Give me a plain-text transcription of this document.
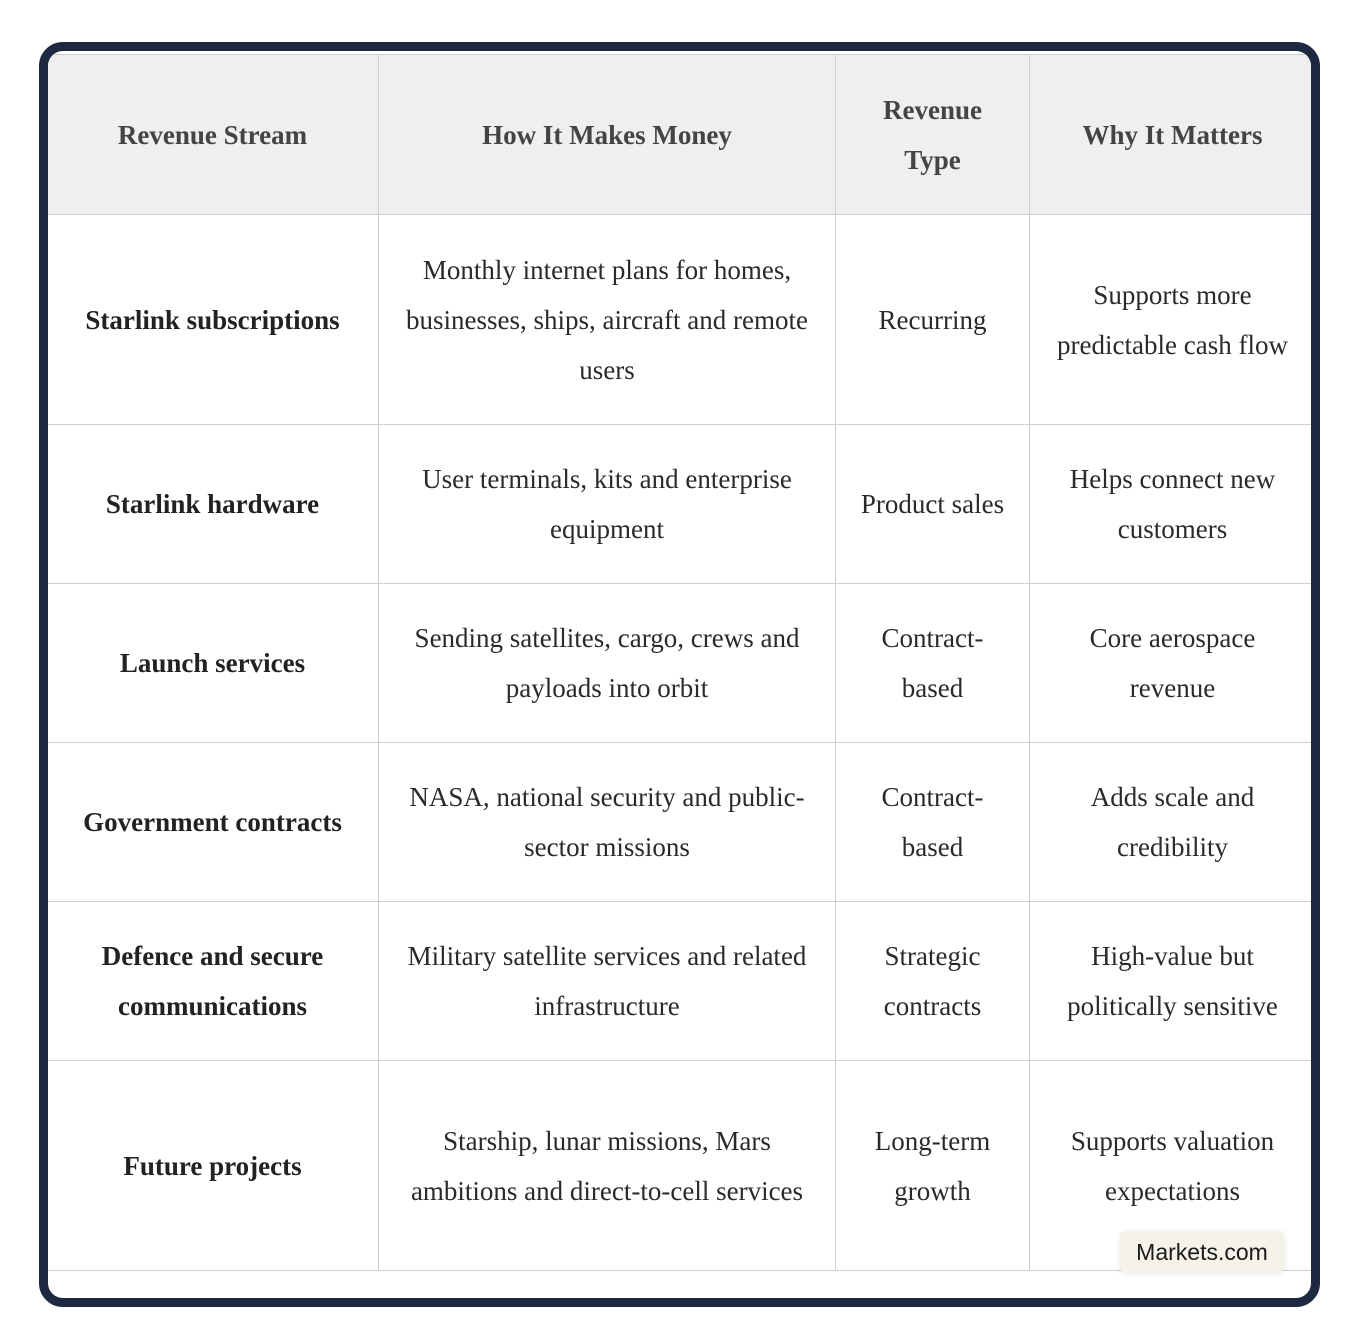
Revenue Stream	How It Makes Money	Revenue Type	Why It Matters
Starlink subscriptions	Monthly internet plans for homes, businesses, ships, aircraft and remote users	Recurring	Supports more predictable cash flow
Starlink hardware	User terminals, kits and enterprise equipment	Product sales	Helps connect new customers
Launch services	Sending satellites, cargo, crews and payloads into orbit	Contract-based	Core aerospace revenue
Government contracts	NASA, national security and public-sector missions	Contract-based	Adds scale and credibility
Defence and secure communications	Military satellite services and related infrastructure	Strategic contracts	High-value but politically sensitive
Future projects	Starship, lunar missions, Mars ambitions and direct-to-cell services	Long-term growth	Supports valuation expectations
Markets.com
